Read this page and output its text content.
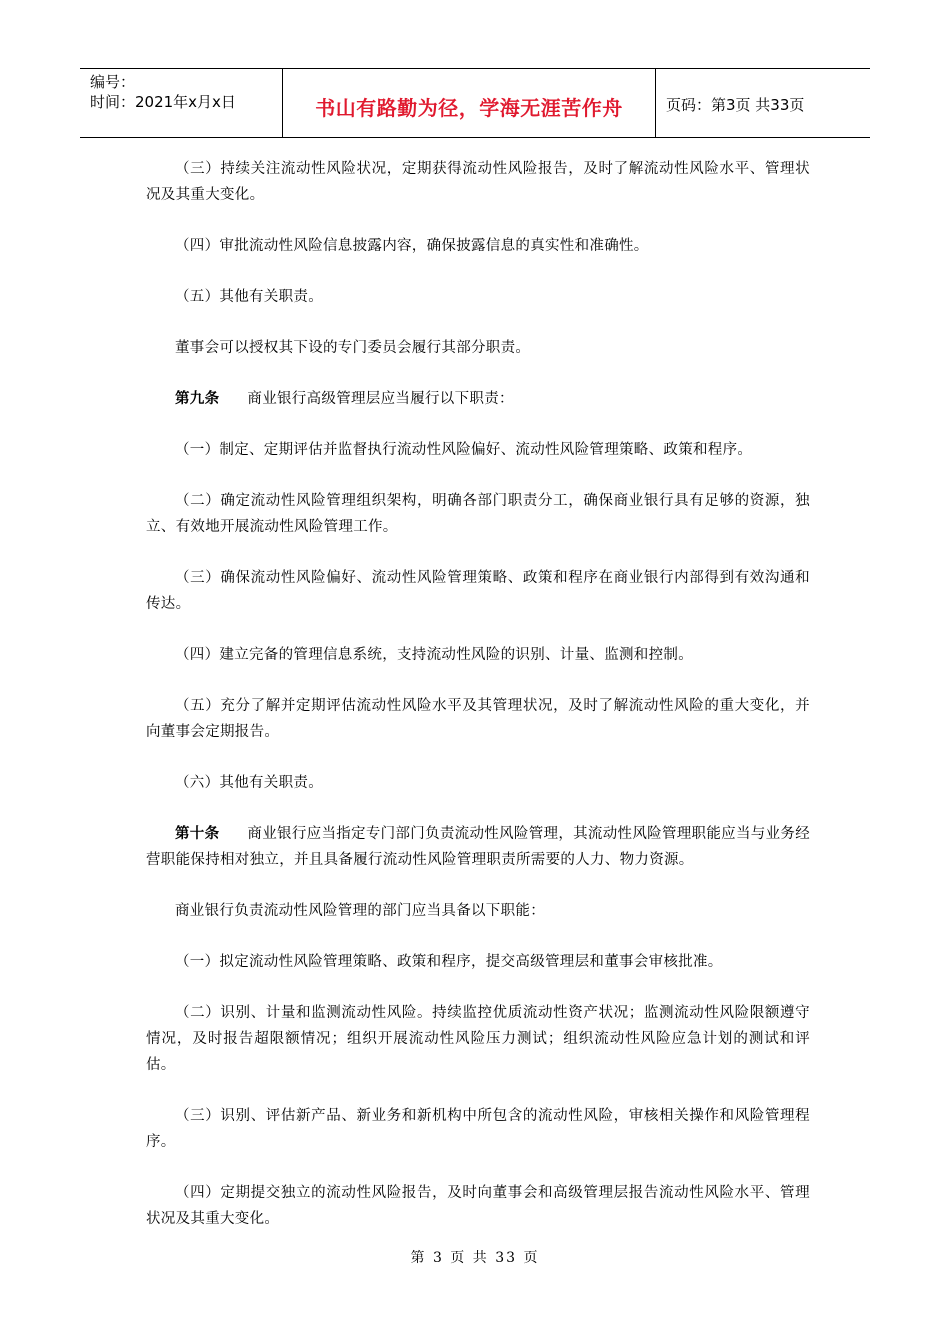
编号：
时间：2021年x月x日	书山有路勤为径，学海无涯苦作舟	页码：第3页 共33页

（三）持续关注流动性风险状况，定期获得流动性风险报告，及时了解流动性风险水平、管理状况及其重大变化。

（四）审批流动性风险信息披露内容，确保披露信息的真实性和准确性。

（五）其他有关职责。

董事会可以授权其下设的专门委员会履行其部分职责。

第九条 商业银行高级管理层应当履行以下职责：

（一）制定、定期评估并监督执行流动性风险偏好、流动性风险管理策略、政策和程序。

（二）确定流动性风险管理组织架构，明确各部门职责分工，确保商业银行具有足够的资源，独立、有效地开展流动性风险管理工作。

（三）确保流动性风险偏好、流动性风险管理策略、政策和程序在商业银行内部得到有效沟通和传达。

（四）建立完备的管理信息系统，支持流动性风险的识别、计量、监测和控制。

（五）充分了解并定期评估流动性风险水平及其管理状况，及时了解流动性风险的重大变化，并向董事会定期报告。

（六）其他有关职责。

第十条 商业银行应当指定专门部门负责流动性风险管理，其流动性风险管理职能应当与业务经营职能保持相对独立，并且具备履行流动性风险管理职责所需要的人力、物力资源。

商业银行负责流动性风险管理的部门应当具备以下职能：

（一）拟定流动性风险管理策略、政策和程序，提交高级管理层和董事会审核批准。

（二）识别、计量和监测流动性风险。持续监控优质流动性资产状况；监测流动性风险限额遵守情况，及时报告超限额情况；组织开展流动性风险压力测试；组织流动性风险应急计划的测试和评估。

（三）识别、评估新产品、新业务和新机构中所包含的流动性风险，审核相关操作和风险管理程序。

（四）定期提交独立的流动性风险报告，及时向董事会和高级管理层报告流动性风险水平、管理状况及其重大变化。

第 3 页 共 33 页
